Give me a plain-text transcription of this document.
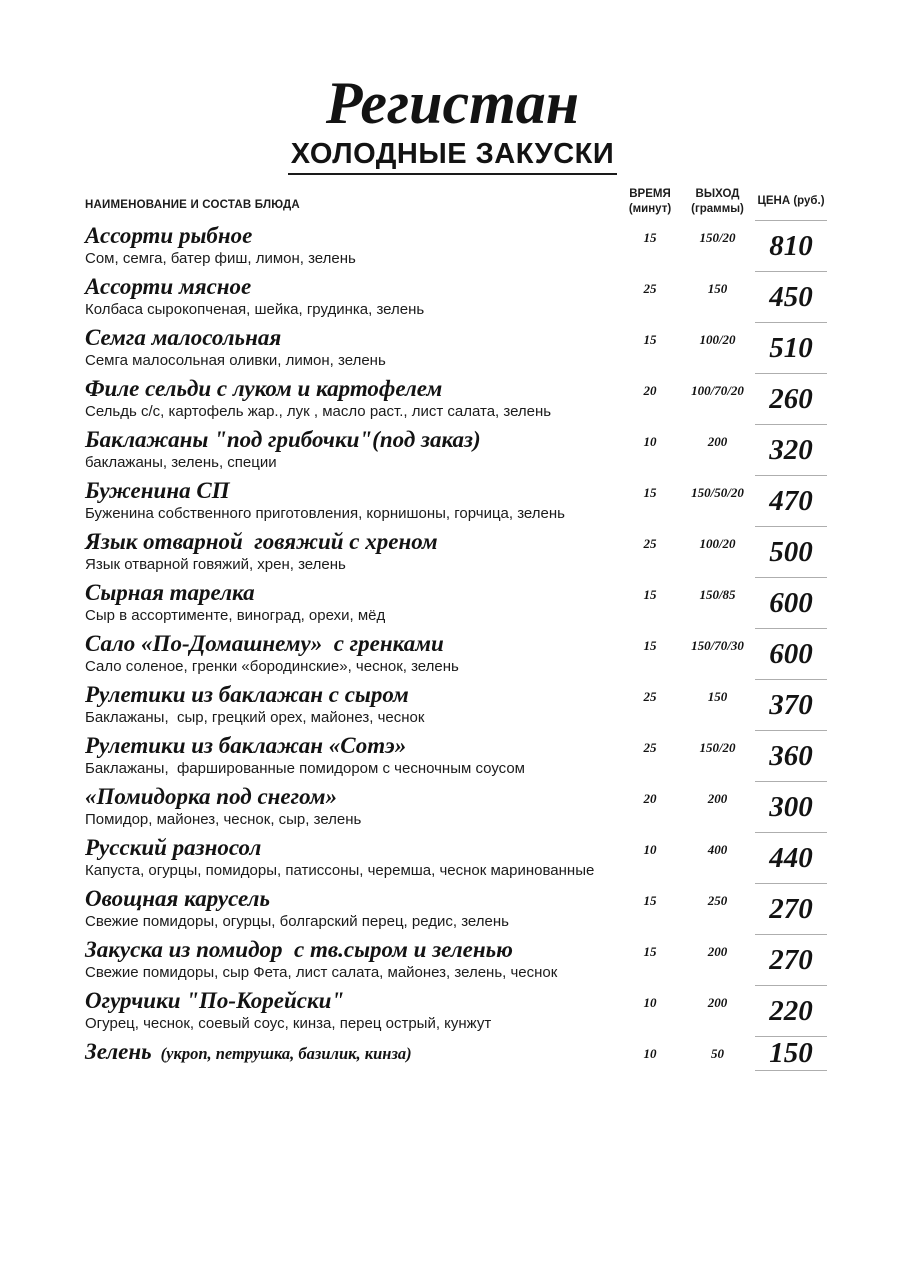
Регистан
ХОЛОДНЫЕ ЗАКУСКИ
НАИМЕНОВАНИЕ И СОСТАВ БЛЮДА
ВРЕМЯ
(минут)
ВЫХОД
(граммы)
ЦЕНА (руб.)
Ассорти рыбное
Сом, семга, батер фиш, лимон, зелень
15	150/20	810
Ассорти мясное
Колбаса сырокопченая, шейка, грудинка, зелень
25	150	450
Семга малосольная
Семга малосольная оливки, лимон, зелень
15	100/20	510
Филе сельди с луком и картофелем
Сельдь с/с, картофель жар., лук , масло раст., лист салата, зелень
20	100/70/20 260
Баклажаны "под грибочки"(под заказ)
баклажаны, зелень, специи
10	200	320
Буженина СП
Буженина собственного приготовления, корнишоны, горчица, зелень
15	150/50/20 470
Язык отварной  говяжий с хреном
Язык отварной говяжий, хрен, зелень
25	100/20	500
Сырная тарелка
Сыр в ассортименте, виноград, орехи, мёд
15	150/85	600
Сало «По-Домашнему»  с гренками
Сало соленое, гренки «бородинские», чеснок, зелень
15	150/70/30 600
Рулетики из баклажан с сыром
Баклажаны,  сыр, грецкий орех, майонез, чеснок
25	150	370
Рулетики из баклажан «Сотэ»
Баклажаны,  фаршированные помидором с чесночным соусом
25	150/20	360
«Помидорка под снегом»
Помидор, майонез, чеснок, сыр, зелень
20	200	300
Русский разносол
Капуста, огурцы, помидоры, патиссоны, черемша, чеснок маринованные
10	400	440
Овощная карусель
Свежие помидоры, огурцы, болгарский перец, редис, зелень
15	250	270
Закуска из помидор  с тв.сыром и зеленью
Свежие помидоры, сыр Фета, лист салата, майонез, зелень, чеснок
15	200	270
Огурчики "По-Корейски"
Огурец, чеснок, соевый соус, кинза, перец острый, кунжут
10	200	220
Зелень (укроп, петрушка, базилик, кинза)	10	50	150
